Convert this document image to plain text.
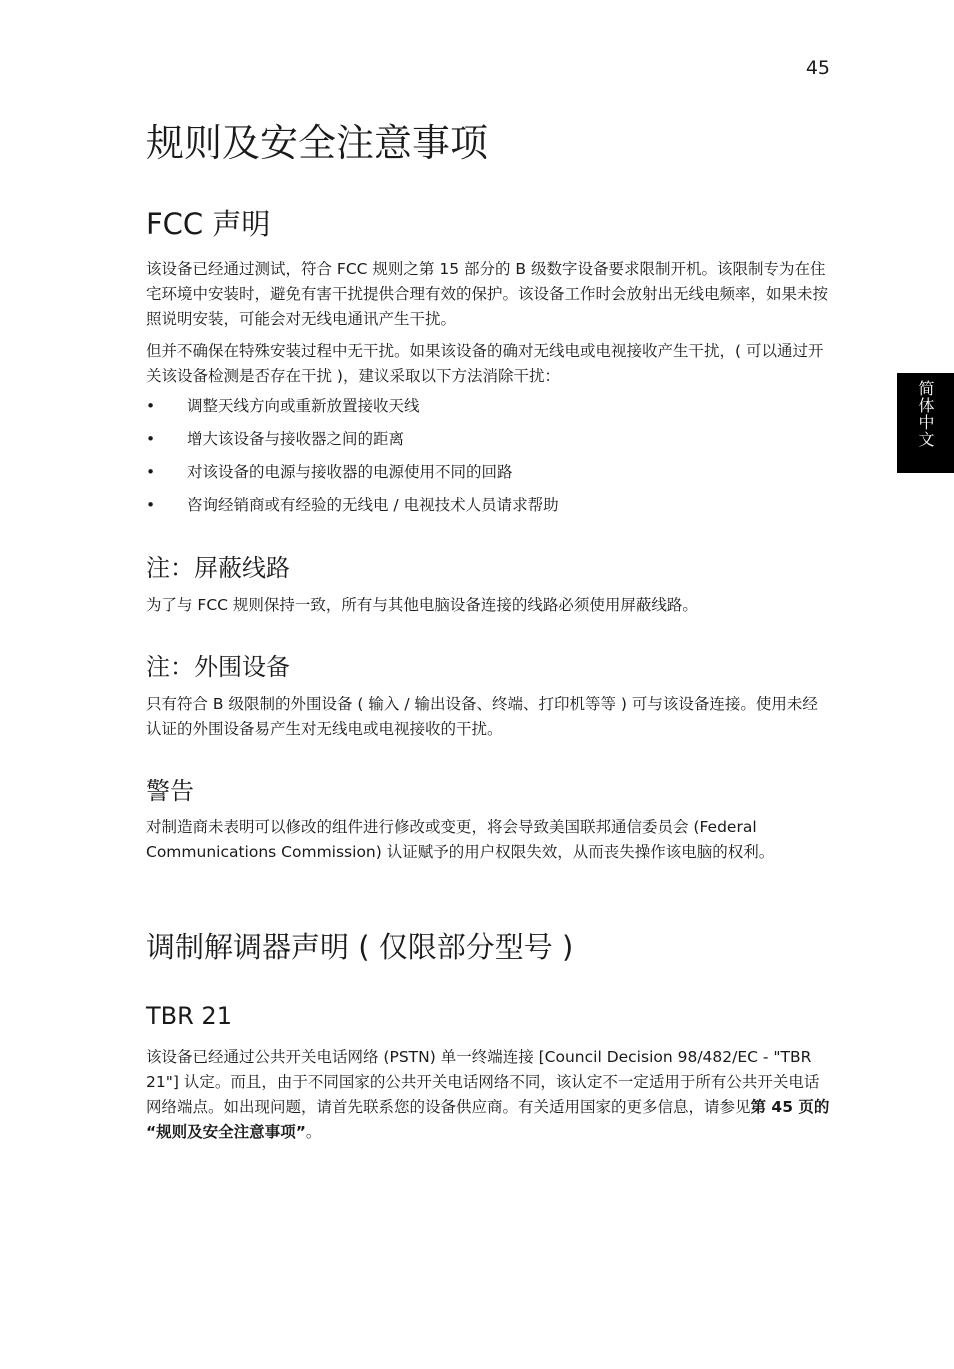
45
简体中文
规则及安全注意事项
FCC 声明

该设备已经通过测试，符合 FCC 规则之第 15 部分的 B 级数字设备要求限制开机。该限制专为在住宅环境中安装时，避免有害干扰提供合理有效的保护。该设备工作时会放射出无线电频率，如果未按照说明安装，可能会对无线电通讯产生干扰。

但并不确保在特殊安装过程中无干扰。如果该设备的确对无线电或电视接收产生干扰，( 可以通过开关该设备检测是否存在干扰 )，建议采取以下方法消除干扰：

• 调整天线方向或重新放置接收天线
• 增大该设备与接收器之间的距离
• 对该设备的电源与接收器的电源使用不同的回路
• 咨询经销商或有经验的无线电 / 电视技术人员请求帮助
注：屏蔽线路

为了与 FCC 规则保持一致，所有与其他电脑设备连接的线路必须使用屏蔽线路。

注：外围设备

只有符合 B 级限制的外围设备 ( 输入 / 输出设备、终端、打印机等等 ) 可与该设备连接。使用未经认证的外围设备易产生对无线电或电视接收的干扰。

警告

对制造商未表明可以修改的组件进行修改或变更，将会导致美国联邦通信委员会 (Federal Communications Commission) 认证赋予的用户权限失效，从而丧失操作该电脑的权利。

调制解调器声明 ( 仅限部分型号 )
TBR 21

该设备已经通过公共开关电话网络 (PSTN) 单一终端连接 [Council Decision 98/482/EC - "TBR 21"] 认定。而且，由于不同国家的公共开关电话网络不同，该认定不一定适用于所有公共开关电话网络端点。如出现问题，请首先联系您的设备供应商。有关适用国家的更多信息，请参见第 45 页的 “规则及安全注意事项”。
